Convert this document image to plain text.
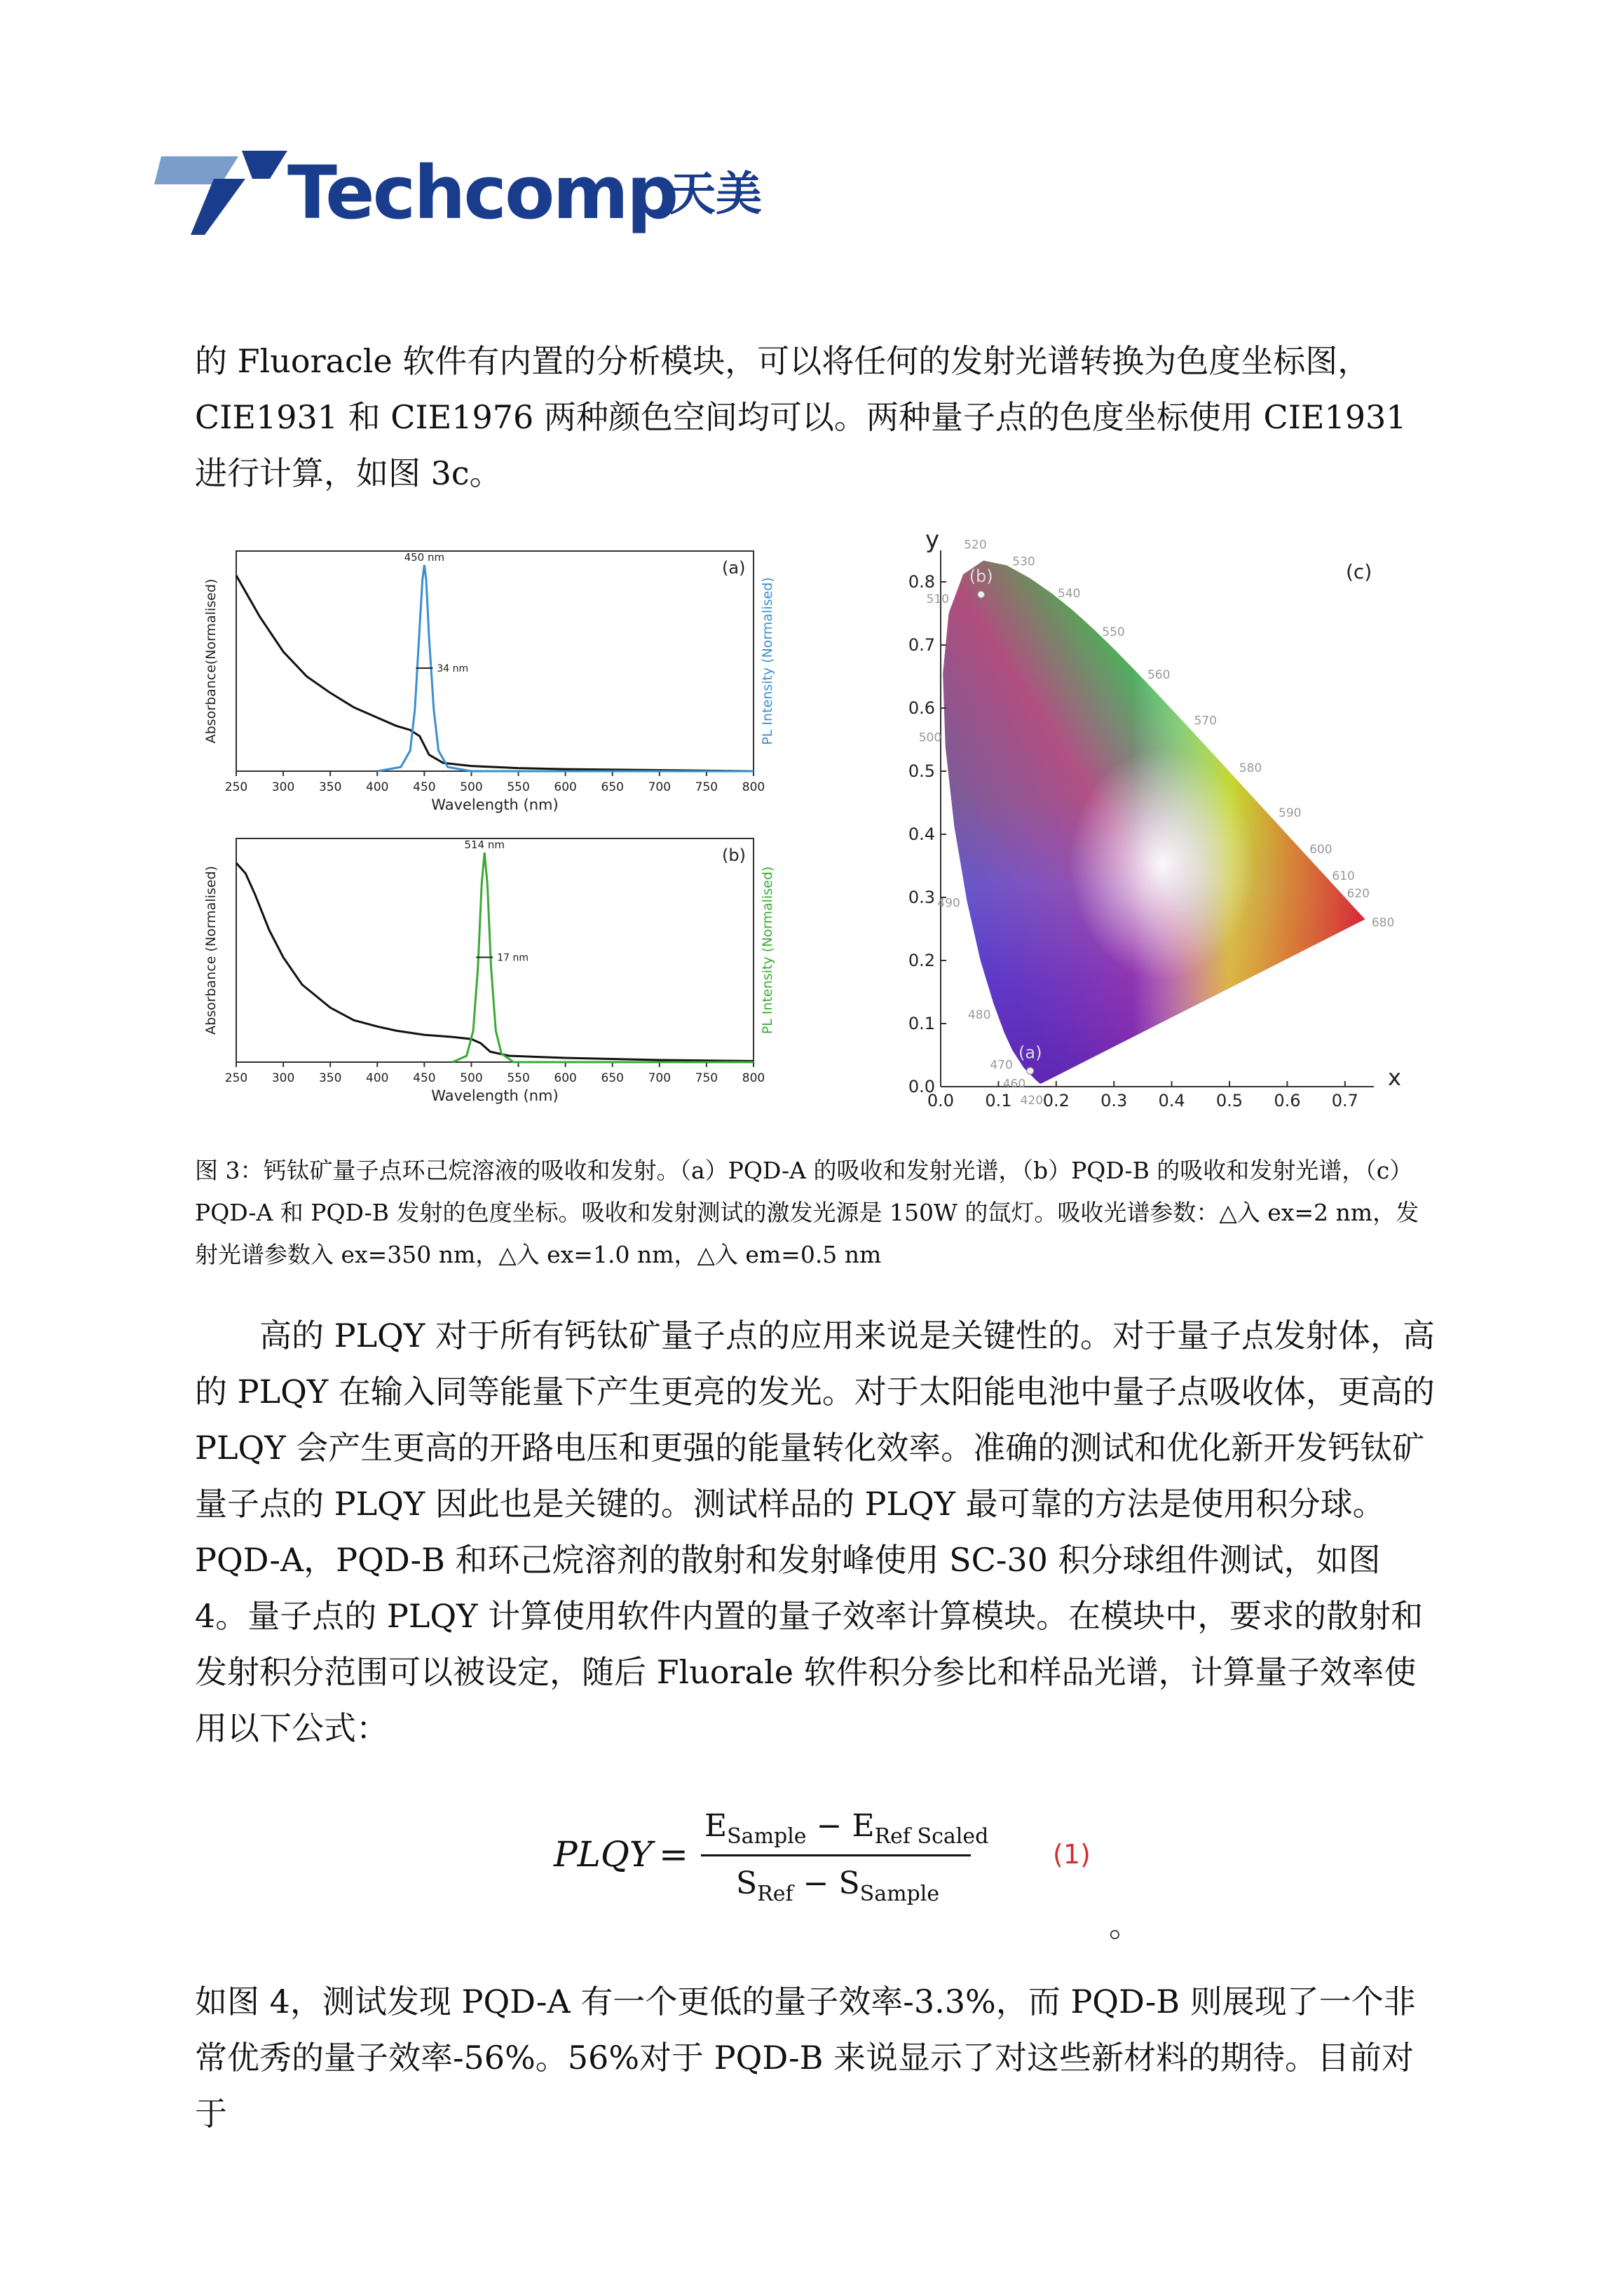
Techcomp
天美

的 Fluoracle 软件有内置的分析模块，可以将任何的发射光谱转换为色度坐标图，CIE1931 和 CIE1976 两种颜色空间均可以。两种量子点的色度坐标使用 CIE1931 进行计算，如图 3c。

250 300 350 400 450 500 550 600 650 700 750 800
Wavelength (nm)
Absorbance(Normalised)	PL Intensity (Normalised)
(a)
450 nm
34 nm
250 300 350 400 450 500 550 600 650 700 750 800
Wavelength (nm)
Absorbance (Normalised)	PL Intensity (Normalised)
(b)
514 nm
17 nm
0.0 0.1 0.2 0.3 0.4 0.5 0.6 0.7
0.0
0.1
0.2
0.3
0.4
0.5
0.6
0.7
0.8
x
y
(c)
520
530
540
550
560
570
580
590
600
610
620
680
510
500
490
480
470
460
420
(b)
(a)

图 3：钙钛矿量子点环己烷溶液的吸收和发射。（a）PQD-A 的吸收和发射光谱，（b）PQD-B 的吸收和发射光谱，（c）PQD-A 和 PQD-B 发射的色度坐标。吸收和发射测试的激发光源是 150W 的氙灯。吸收光谱参数：△入 ex=2 nm，发射光谱参数入 ex=350 nm，△入 ex=1.0 nm，△入 em=0.5 nm

高的 PLQY 对于所有钙钛矿量子点的应用来说是关键性的。对于量子点发射体，高的 PLQY 在输入同等能量下产生更亮的发光。对于太阳能电池中量子点吸收体，更高的 PLQY 会产生更高的开路电压和更强的能量转化效率。准确的测试和优化新开发钙钛矿量子点的 PLQY 因此也是关键的。测试样品的 PLQY 最可靠的方法是使用积分球。PQD-A，PQD-B 和环己烷溶剂的散射和发射峰使用 SC-30 积分球组件测试，如图 4。量子点的 PLQY 计算使用软件内置的量子效率计算模块。在模块中，要求的散射和发射积分范围可以被设定，随后 Fluorale 软件积分参比和样品光谱，计算量子效率使用以下公式：

PLQY =
$E_{Sample} - E_{Ref Scaled}$
$S_{Ref} - S_{Sample}$
(1)
。

如图 4，测试发现 PQD-A 有一个更低的量子效率-3.3%，而 PQD-B 则展现了一个非常优秀的量子效率-56%。56%对于 PQD-B 来说显示了对这些新材料的期待。目前对于
